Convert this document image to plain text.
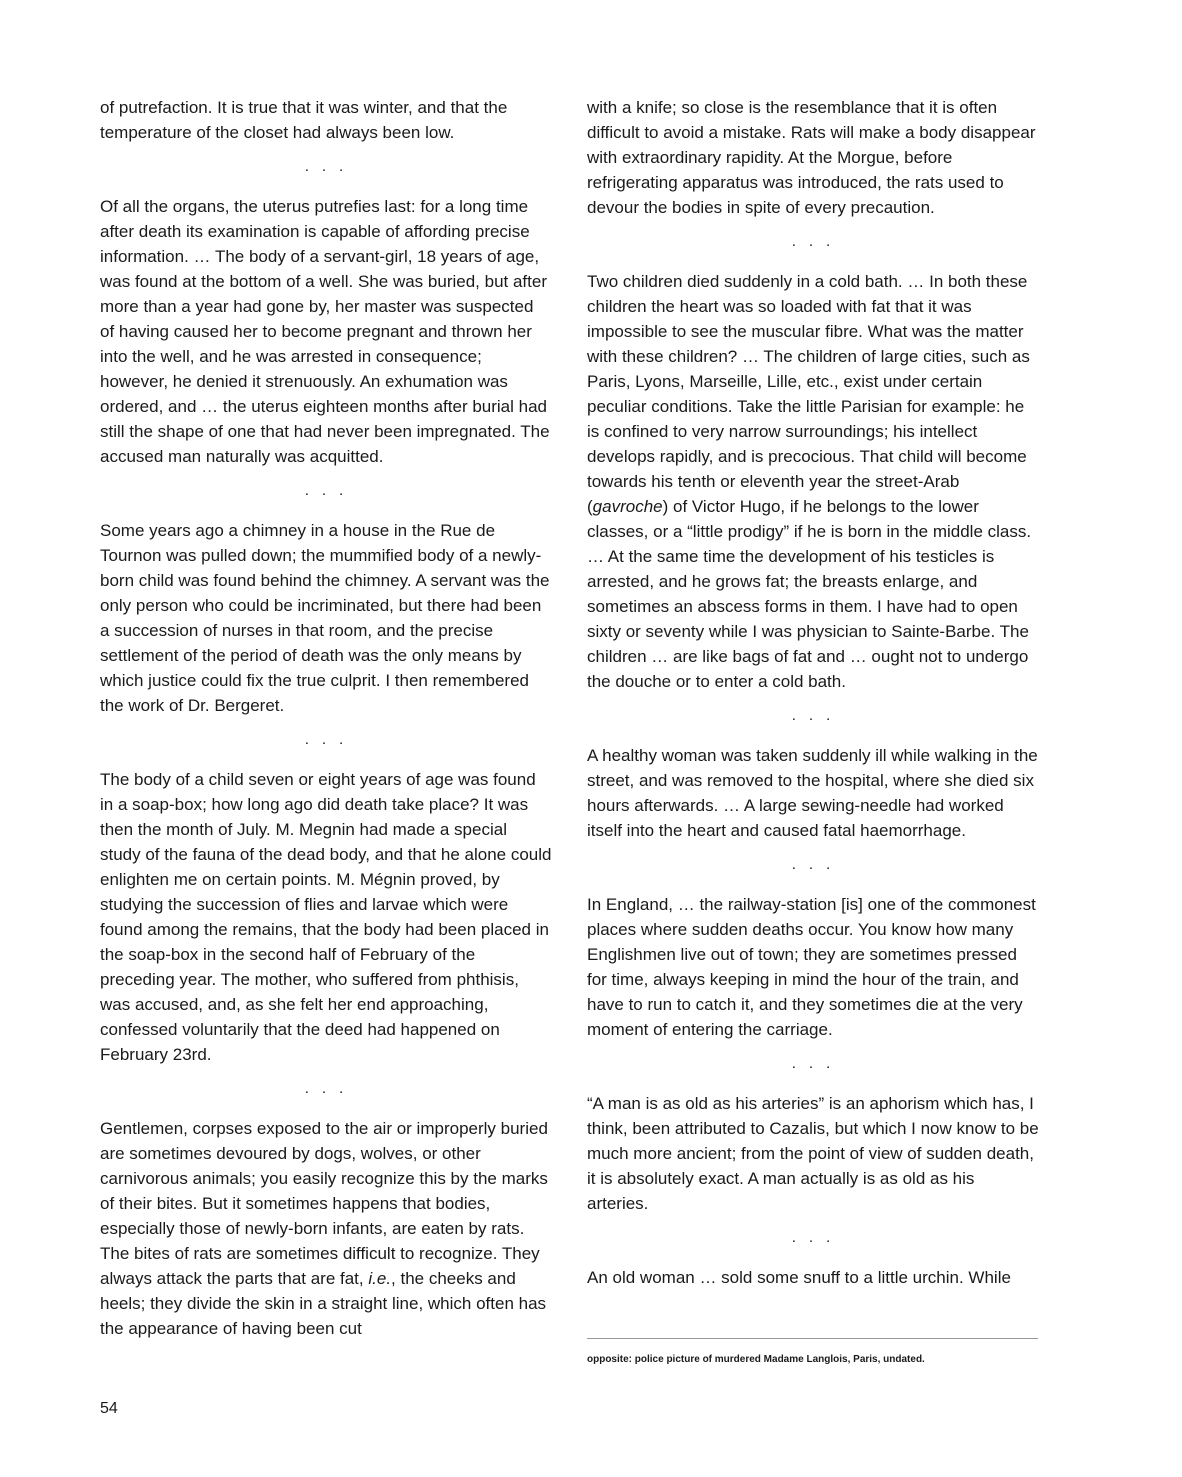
of putrefaction. It is true that it was winter, and that the temperature of the closet had always been low.

· · ·

Of all the organs, the uterus putrefies last: for a long time after death its examination is capable of affording precise information. … The body of a servant-girl, 18 years of age, was found at the bottom of a well. She was buried, but after more than a year had gone by, her master was suspected of having caused her to become pregnant and thrown her into the well, and he was arrested in consequence; however, he denied it strenuously. An exhumation was ordered, and … the uterus eighteen months after burial had still the shape of one that had never been impregnated. The accused man naturally was acquitted.

· · ·

Some years ago a chimney in a house in the Rue de Tournon was pulled down; the mummified body of a newly-born child was found behind the chimney. A servant was the only person who could be incriminated, but there had been a succession of nurses in that room, and the precise settlement of the period of death was the only means by which justice could fix the true culprit. I then remembered the work of Dr. Bergeret.

· · ·

The body of a child seven or eight years of age was found in a soap-box; how long ago did death take place? It was then the month of July. M. Megnin had made a special study of the fauna of the dead body, and that he alone could enlighten me on certain points. M. Mégnin proved, by studying the succession of flies and larvae which were found among the remains, that the body had been placed in the soap-box in the second half of February of the preceding year. The mother, who suffered from phthisis, was accused, and, as she felt her end approaching, confessed voluntarily that the deed had happened on February 23rd.

· · ·

Gentlemen, corpses exposed to the air or improperly buried are sometimes devoured by dogs, wolves, or other carnivorous animals; you easily recognize this by the marks of their bites. But it sometimes happens that bodies, especially those of newly-born infants, are eaten by rats. The bites of rats are sometimes difficult to recognize. They always attack the parts that are fat, i.e., the cheeks and heels; they divide the skin in a straight line, which often has the appearance of having been cut

with a knife; so close is the resemblance that it is often difficult to avoid a mistake. Rats will make a body disappear with extraordinary rapidity. At the Morgue, before refrigerating apparatus was introduced, the rats used to devour the bodies in spite of every precaution.

· · ·

Two children died suddenly in a cold bath. … In both these children the heart was so loaded with fat that it was impossible to see the muscular fibre. What was the matter with these children? … The children of large cities, such as Paris, Lyons, Marseille, Lille, etc., exist under certain peculiar conditions. Take the little Parisian for example: he is confined to very narrow surroundings; his intellect develops rapidly, and is precocious. That child will become towards his tenth or eleventh year the street-Arab (gavroche) of Victor Hugo, if he belongs to the lower classes, or a “little prodigy” if he is born in the middle class. … At the same time the development of his testicles is arrested, and he grows fat; the breasts enlarge, and sometimes an abscess forms in them. I have had to open sixty or seventy while I was physician to Sainte-Barbe. The children … are like bags of fat and … ought not to undergo the douche or to enter a cold bath.

· · ·

A healthy woman was taken suddenly ill while walking in the street, and was removed to the hospital, where she died six hours afterwards. … A large sewing-needle had worked itself into the heart and caused fatal haemorrhage.

· · ·

In England, … the railway-station [is] one of the commonest places where sudden deaths occur. You know how many Englishmen live out of town; they are sometimes pressed for time, always keeping in mind the hour of the train, and have to run to catch it, and they sometimes die at the very moment of entering the carriage.

· · ·

“A man is as old as his arteries” is an aphorism which has, I think, been attributed to Cazalis, but which I now know to be much more ancient; from the point of view of sudden death, it is absolutely exact. A man actually is as old as his arteries.

· · ·

An old woman … sold some snuff to a little urchin. While

opposite: police picture of murdered Madame Langlois, Paris, undated.
54
